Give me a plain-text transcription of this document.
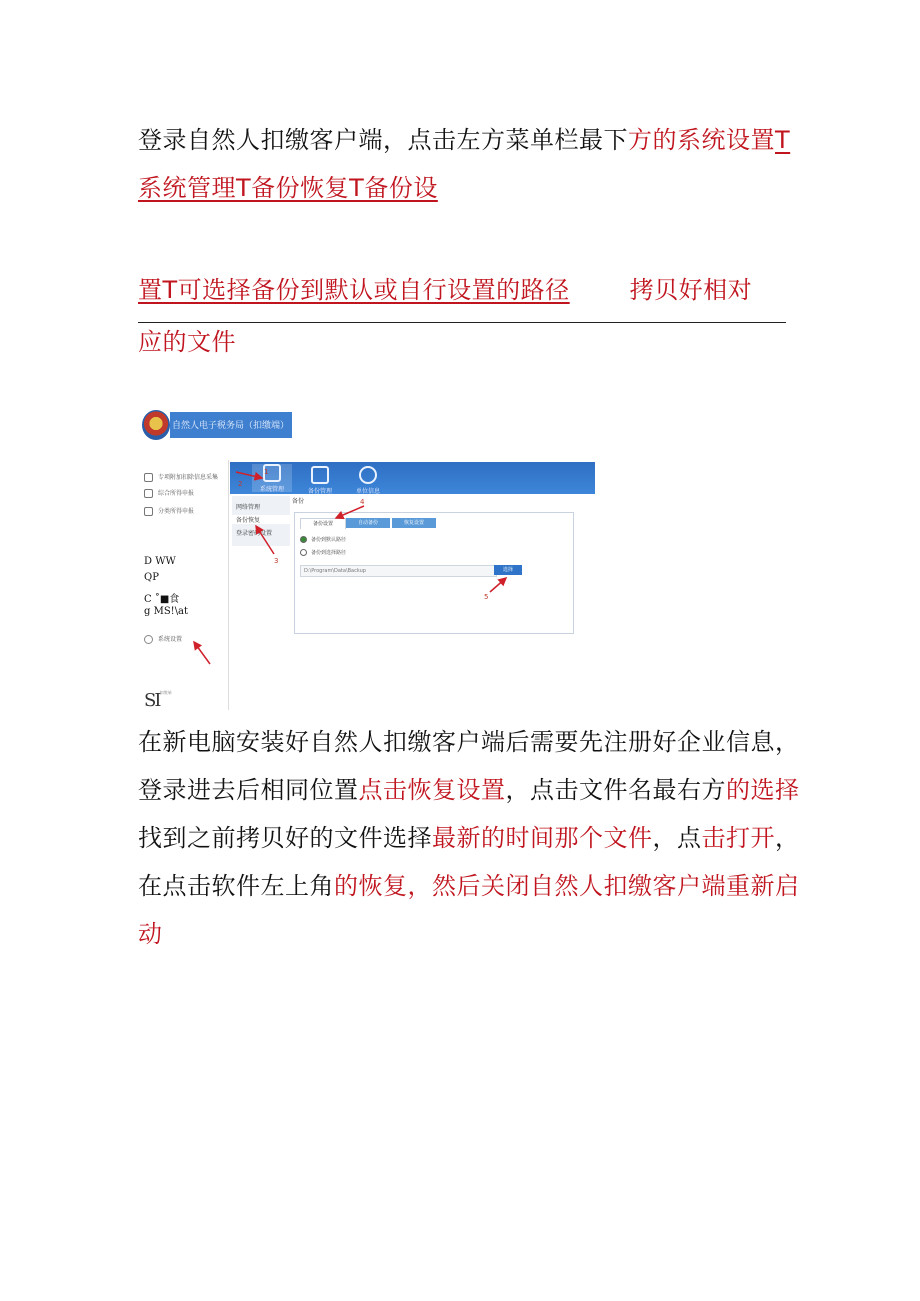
登录自然人扣缴客户端，点击左方菜单栏最下方的系统设置T系统管理T备份恢复T备份设
置T可选择备份到默认或自行设置的路径	拷贝好相对
应的文件
自然人电子税务局（扣缴端）
专项附加扣除信息采集
综合所得申报
分类所得申报
D WW
QP
C ˚■食
g MS!\at
系统设置
系统管理	备份管理	单位信息
网络管理
备份恢复
登录密码设置
备份
备份设置	自动备份	恢复设置
备份到默认路径
备份到选择路径
D:\Program\Data\Backup	选择
1
2
3
4
5
$SI^{扣缴端}$
在新电脑安装好自然人扣缴客户端后需要先注册好企业信息，登录进去后相同位置点击恢复设置，点击文件名最右方的选择找到之前拷贝好的文件选择最新的时间那个文件，点击打开，在点击软件左上角的恢复，然后关闭自然人扣缴客户端重新启动
